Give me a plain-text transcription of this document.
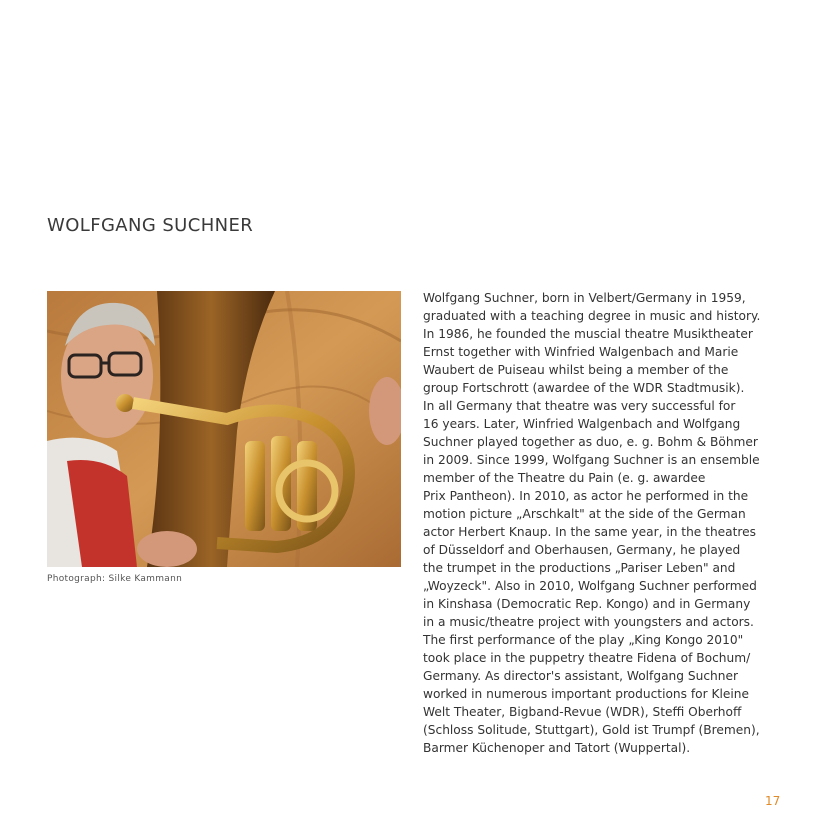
WOLFGANG SUCHNER
Photograph: Silke Kammann
Wolfgang Suchner, born in Velbert/Germany in 1959,
graduated with a teaching degree in music and history.
In 1986, he founded the muscial theatre Musiktheater
Ernst together with Winfried Walgenbach and Marie
Waubert de Puiseau whilst being a member of the
group Fortschrott (awardee of the WDR Stadtmusik).
In all Germany that theatre was very successful for
16 years. Later, Winfried Walgenbach and Wolfgang
Suchner played together as duo, e. g. Bohm & Böhmer
in 2009. Since 1999, Wolfgang Suchner is an ensemble
member of the Theatre du Pain (e. g. awardee
Prix Pantheon). In 2010, as actor he performed in the
motion picture „Arschkalt" at the side of the German
actor Herbert Knaup. In the same year, in the theatres
of Düsseldorf and Oberhausen, Germany, he played
the trumpet in the productions „Pariser Leben" and
„Woyzeck". Also in 2010, Wolfgang Suchner performed
in Kinshasa (Democratic Rep. Kongo) and in Germany
in a music/theatre project with youngsters and actors.
The first performance of the play „King Kongo 2010"
took place in the puppetry theatre Fidena of Bochum/
Germany. As director's assistant, Wolfgang Suchner
worked in numerous important productions for Kleine
Welt Theater, Bigband-Revue (WDR), Steffi Oberhoff
(Schloss Solitude, Stuttgart), Gold ist Trumpf (Bremen),
Barmer Küchenoper and Tatort (Wuppertal).
17
